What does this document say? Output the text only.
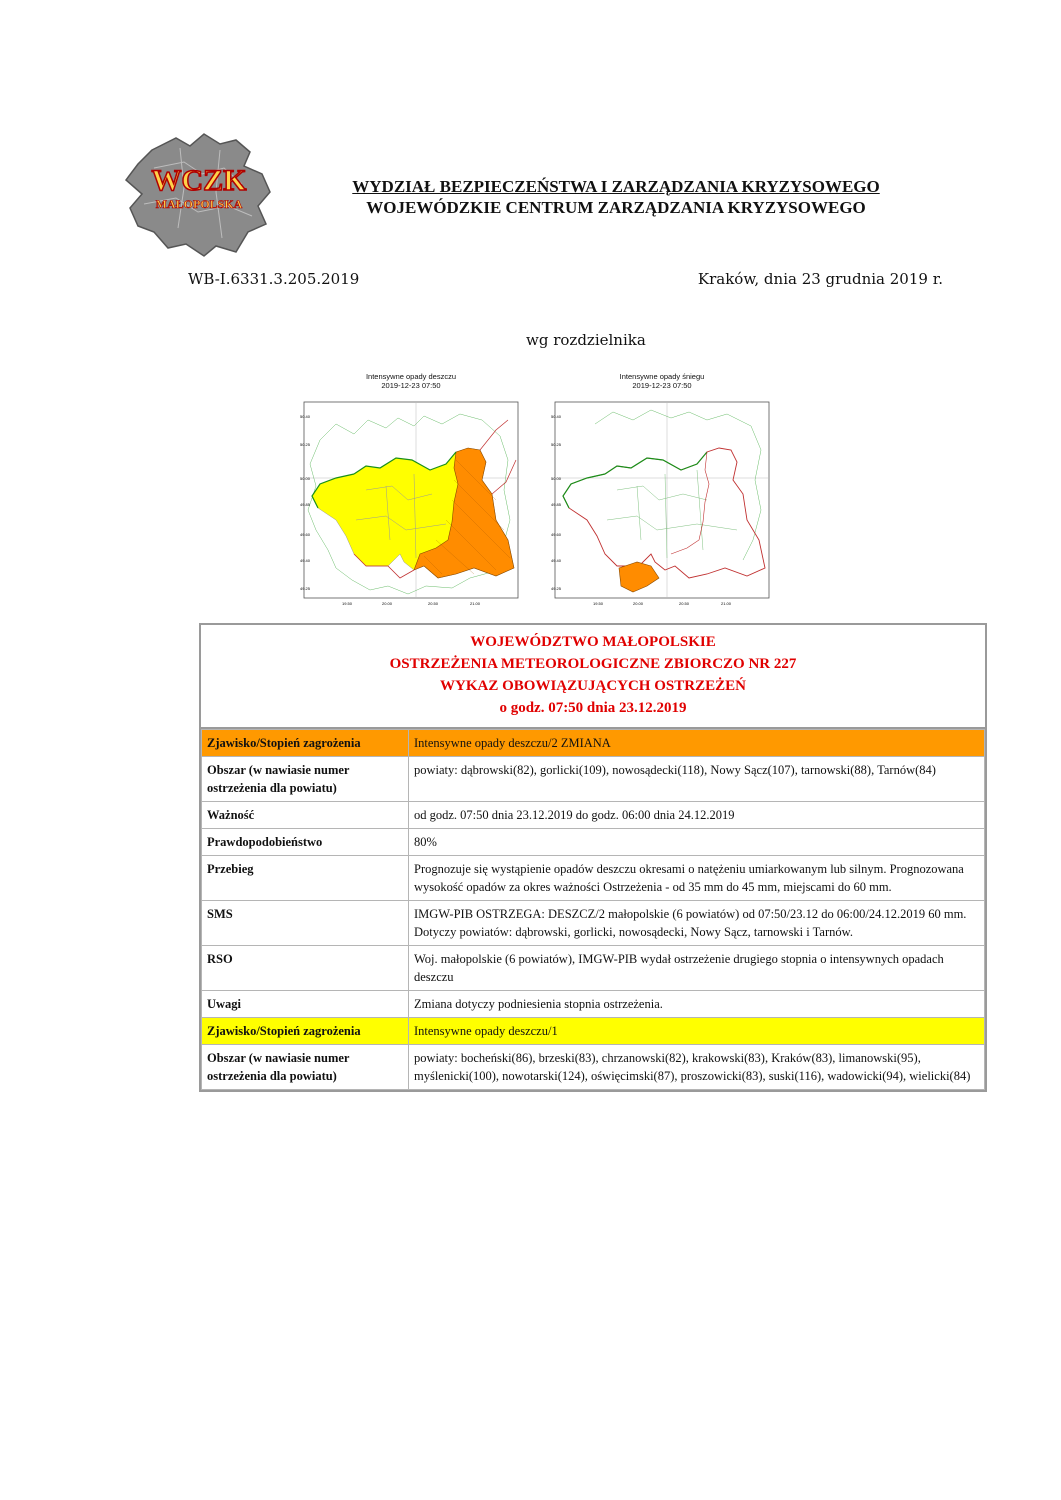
WCZK
MAŁOPOLSKA
WYDZIAŁ BEZPIECZEŃSTWA I ZARZĄDZANIA KRYZYSOWEGO
WOJEWÓDZKIE CENTRUM ZARZĄDZANIA KRYZYSOWEGO
WB-I.6331.3.205.2019	Kraków, dnia 23 grudnia 2019 r.
wg rozdzielnika
Intensywne opady deszczu
2019-12-23 07:50
50.40
50.25
50.00
49.85
49.60
49.40
49.25
19.50	20.00	20.50	21.00
Intensywne opady śniegu
2019-12-23 07:50
50.40
50.25
50.00
49.85
49.60
49.40
49.25
19.50	20.00	20.50	21.00
WOJEWÓDZTWO MAŁOPOLSKIE
OSTRZEŻENIA METEOROLOGICZNE ZBIORCZO NR 227
WYKAZ OBOWIĄZUJĄCYCH OSTRZEŻEŃ
o godz. 07:50 dnia 23.12.2019
Zjawisko/Stopień zagrożenia	Intensywne opady deszczu/2 ZMIANA
Obszar (w nawiasie numer ostrzeżenia dla powiatu)	powiaty: dąbrowski(82), gorlicki(109), nowosądecki(118), Nowy Sącz(107), tarnowski(88), Tarnów(84)
Ważność	od godz. 07:50 dnia 23.12.2019 do godz. 06:00 dnia 24.12.2019
Prawdopodobieństwo	80%
Przebieg	Prognozuje się wystąpienie opadów deszczu okresami o natężeniu umiarkowanym lub silnym. Prognozowana wysokość opadów za okres ważności Ostrzeżenia - od 35 mm do 45 mm, miejscami do 60 mm.
SMS	IMGW-PIB OSTRZEGA: DESZCZ/2 małopolskie (6 powiatów) od 07:50/23.12 do 06:00/24.12.2019 60 mm. Dotyczy powiatów: dąbrowski, gorlicki, nowosądecki, Nowy Sącz, tarnowski i Tarnów.
RSO	Woj. małopolskie (6 powiatów), IMGW-PIB wydał ostrzeżenie drugiego stopnia o intensywnych opadach deszczu
Uwagi	Zmiana dotyczy podniesienia stopnia ostrzeżenia.
Zjawisko/Stopień zagrożenia	Intensywne opady deszczu/1
Obszar (w nawiasie numer ostrzeżenia dla powiatu)	powiaty: bocheński(86), brzeski(83), chrzanowski(82), krakowski(83), Kraków(83), limanowski(95), myślenicki(100), nowotarski(124), oświęcimski(87), proszowicki(83), suski(116), wadowicki(94), wielicki(84)
